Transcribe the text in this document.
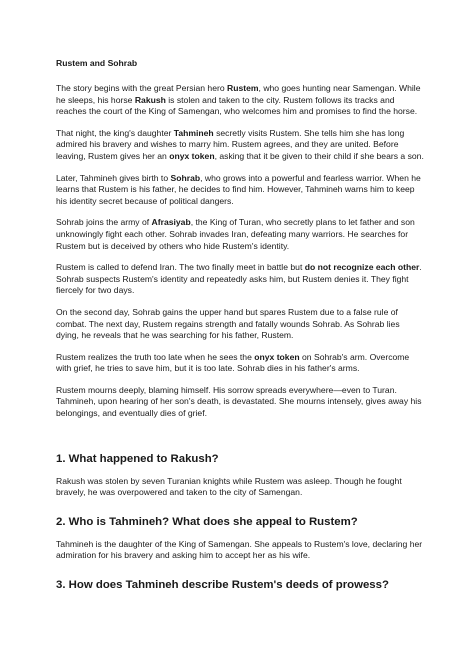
Rustem and Sohrab

The story begins with the great Persian hero Rustem, who goes hunting near Samengan. While he sleeps, his horse Rakush is stolen and taken to the city. Rustem follows its tracks and reaches the court of the King of Samengan, who welcomes him and promises to find the horse.

That night, the king's daughter Tahmineh secretly visits Rustem. She tells him she has long admired his bravery and wishes to marry him. Rustem agrees, and they are united. Before leaving, Rustem gives her an onyx token, asking that it be given to their child if she bears a son.

Later, Tahmineh gives birth to Sohrab, who grows into a powerful and fearless warrior. When he learns that Rustem is his father, he decides to find him. However, Tahmineh warns him to keep his identity secret because of political dangers.

Sohrab joins the army of Afrasiyab, the King of Turan, who secretly plans to let father and son unknowingly fight each other. Sohrab invades Iran, defeating many warriors. He searches for Rustem but is deceived by others who hide Rustem's identity.

Rustem is called to defend Iran. The two finally meet in battle but do not recognize each other. Sohrab suspects Rustem's identity and repeatedly asks him, but Rustem denies it. They fight fiercely for two days.

On the second day, Sohrab gains the upper hand but spares Rustem due to a false rule of combat. The next day, Rustem regains strength and fatally wounds Sohrab. As Sohrab lies dying, he reveals that he was searching for his father, Rustem.

Rustem realizes the truth too late when he sees the onyx token on Sohrab's arm. Overcome with grief, he tries to save him, but it is too late. Sohrab dies in his father's arms.

Rustem mourns deeply, blaming himself. His sorrow spreads everywhere—even to Turan. Tahmineh, upon hearing of her son's death, is devastated. She mourns intensely, gives away his belongings, and eventually dies of grief.

1. What happened to Rakush?

Rakush was stolen by seven Turanian knights while Rustem was asleep. Though he fought bravely, he was overpowered and taken to the city of Samengan.

2. Who is Tahmineh? What does she appeal to Rustem?

Tahmineh is the daughter of the King of Samengan. She appeals to Rustem's love, declaring her admiration for his bravery and asking him to accept her as his wife.

3. How does Tahmineh describe Rustem's deeds of prowess?
